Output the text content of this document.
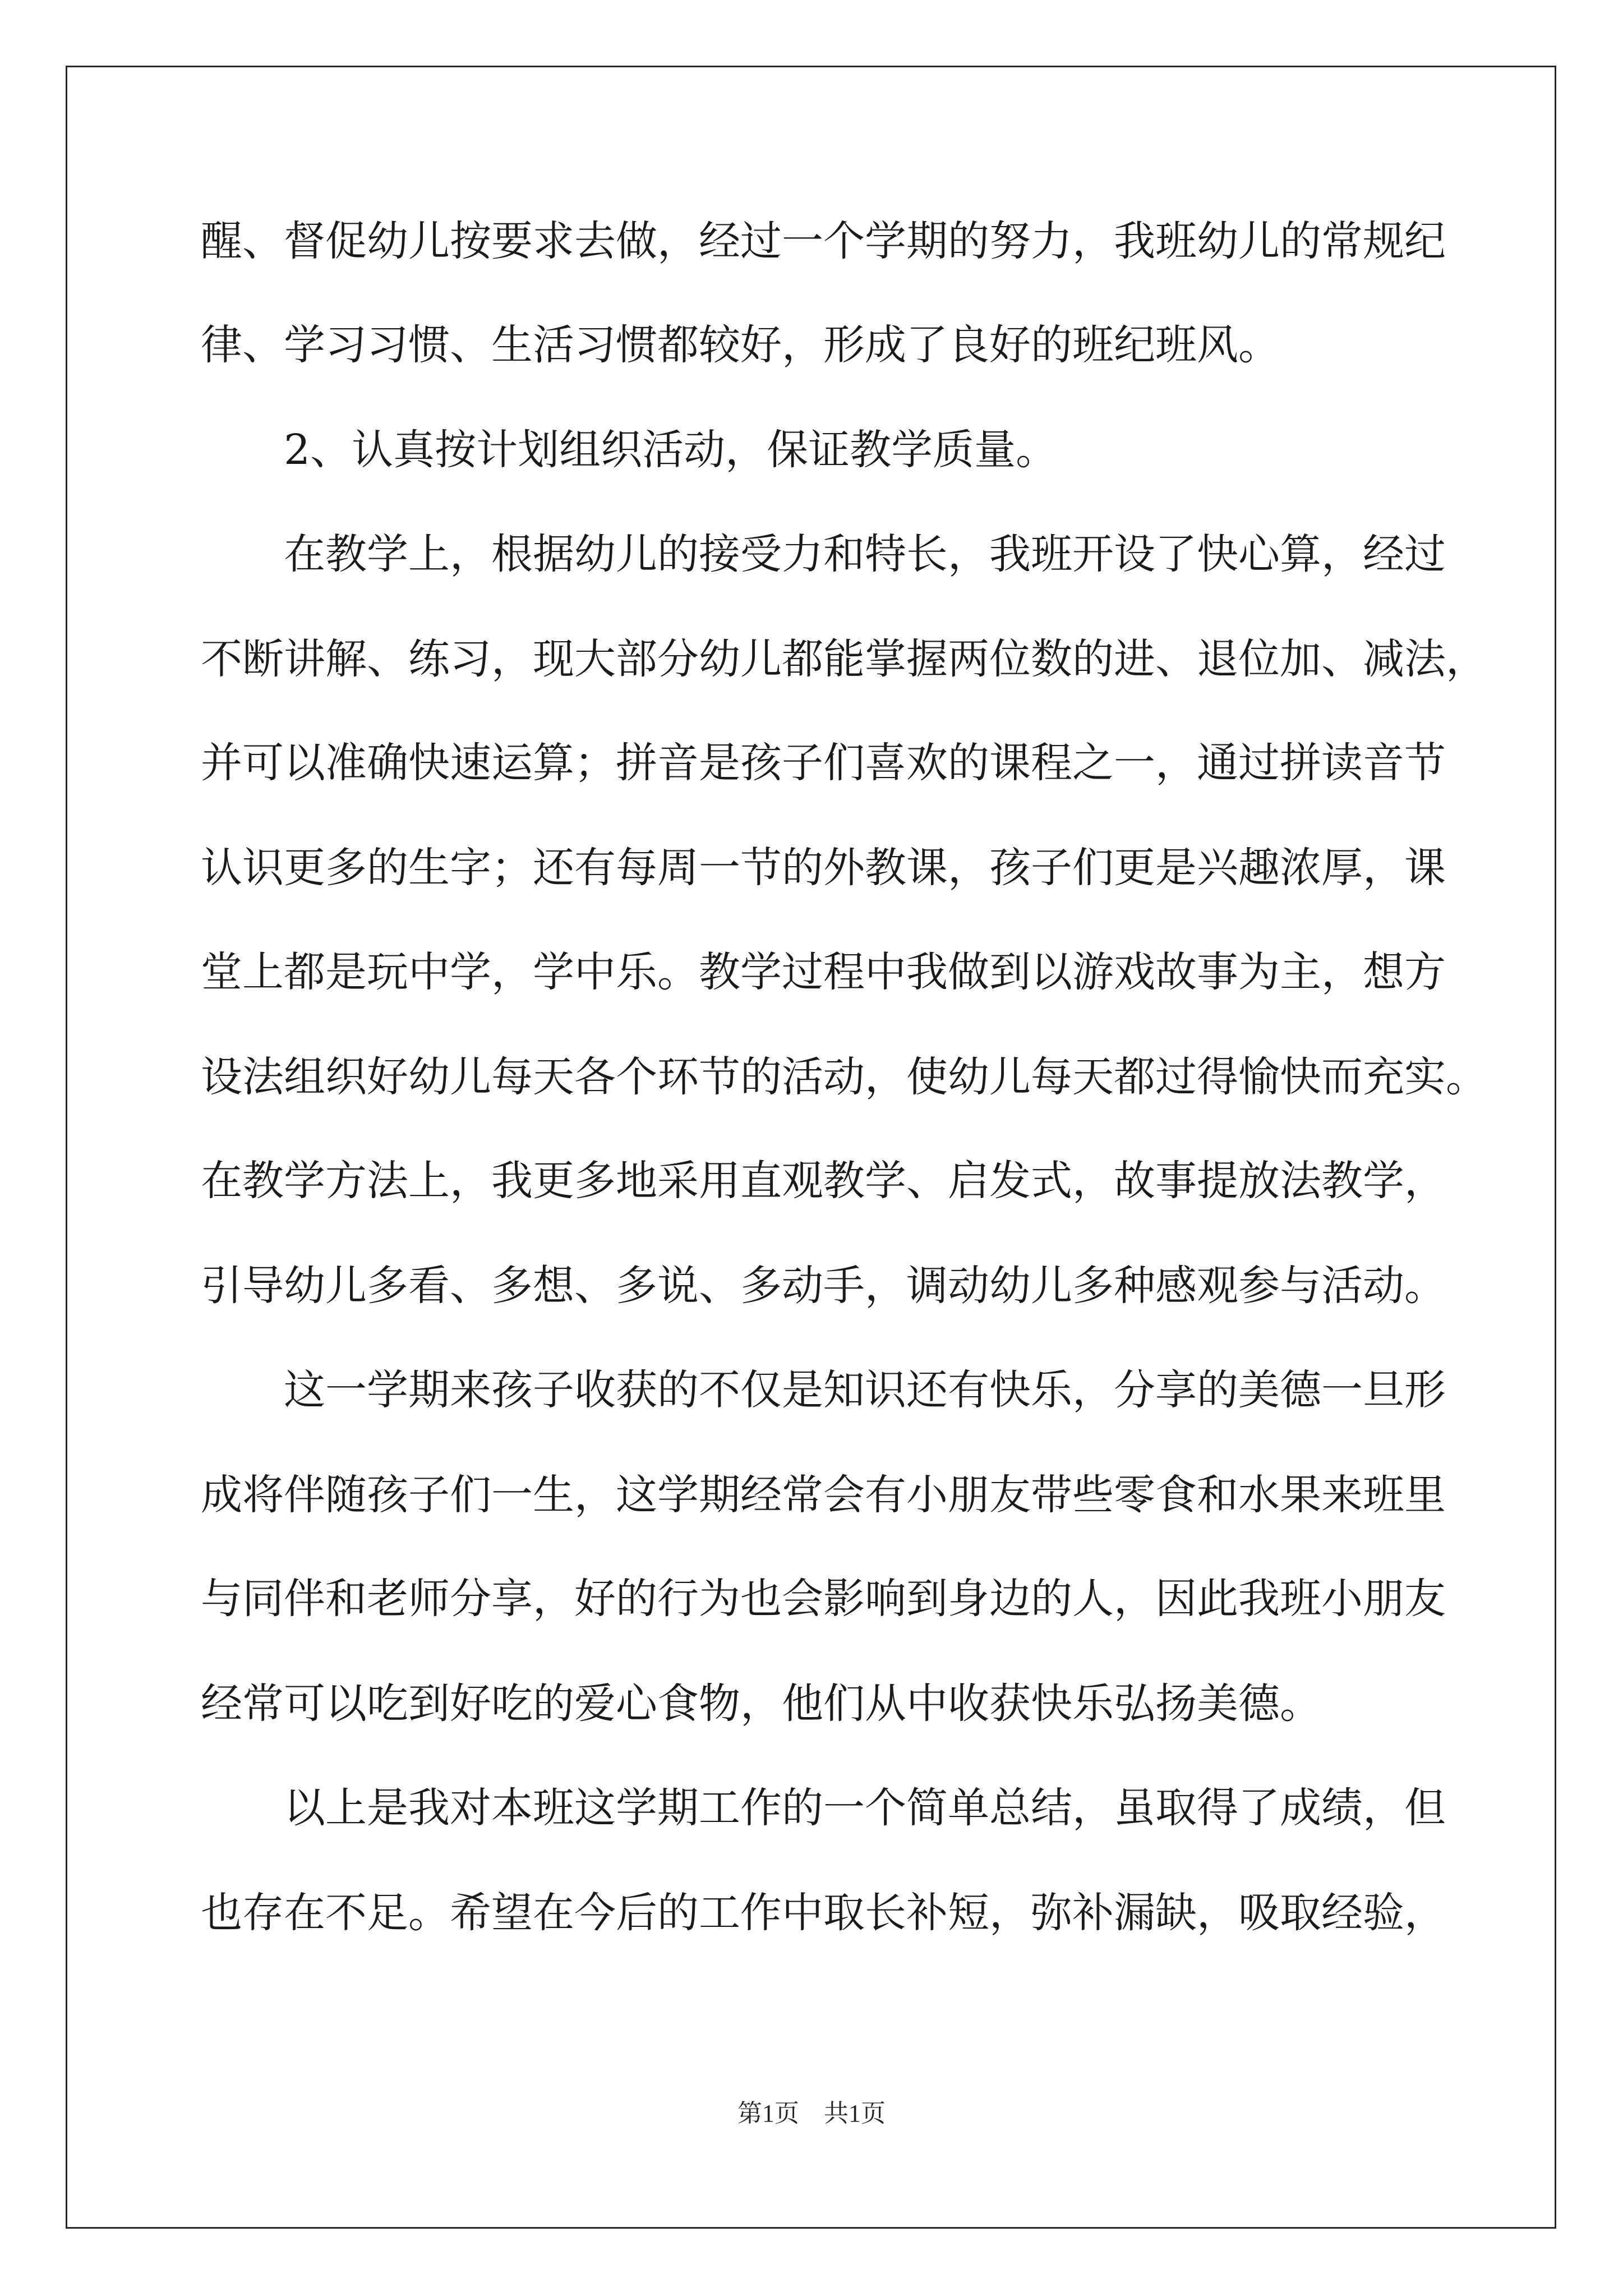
醒、督促幼儿按要求去做，经过一个学期的努力，我班幼儿的常规纪
律、学习习惯、生活习惯都较好，形成了良好的班纪班风。
2、认真按计划组织活动，保证教学质量。
在教学上，根据幼儿的接受力和特长，我班开设了快心算，经过
不断讲解、练习，现大部分幼儿都能掌握两位数的进、退位加、减法，
并可以准确快速运算；拼音是孩子们喜欢的课程之一，通过拼读音节
认识更多的生字；还有每周一节的外教课，孩子们更是兴趣浓厚，课
堂上都是玩中学，学中乐。教学过程中我做到以游戏故事为主，想方
设法组织好幼儿每天各个环节的活动，使幼儿每天都过得愉快而充实。
在教学方法上，我更多地采用直观教学、启发式，故事提放法教学，
引导幼儿多看、多想、多说、多动手，调动幼儿多种感观参与活动。
这一学期来孩子收获的不仅是知识还有快乐，分享的美德一旦形
成将伴随孩子们一生，这学期经常会有小朋友带些零食和水果来班里
与同伴和老师分享，好的行为也会影响到身边的人，因此我班小朋友
经常可以吃到好吃的爱心食物，他们从中收获快乐弘扬美德。
以上是我对本班这学期工作的一个简单总结，虽取得了成绩，但
也存在不足。希望在今后的工作中取长补短，弥补漏缺，吸取经验，
第1页　共1页
